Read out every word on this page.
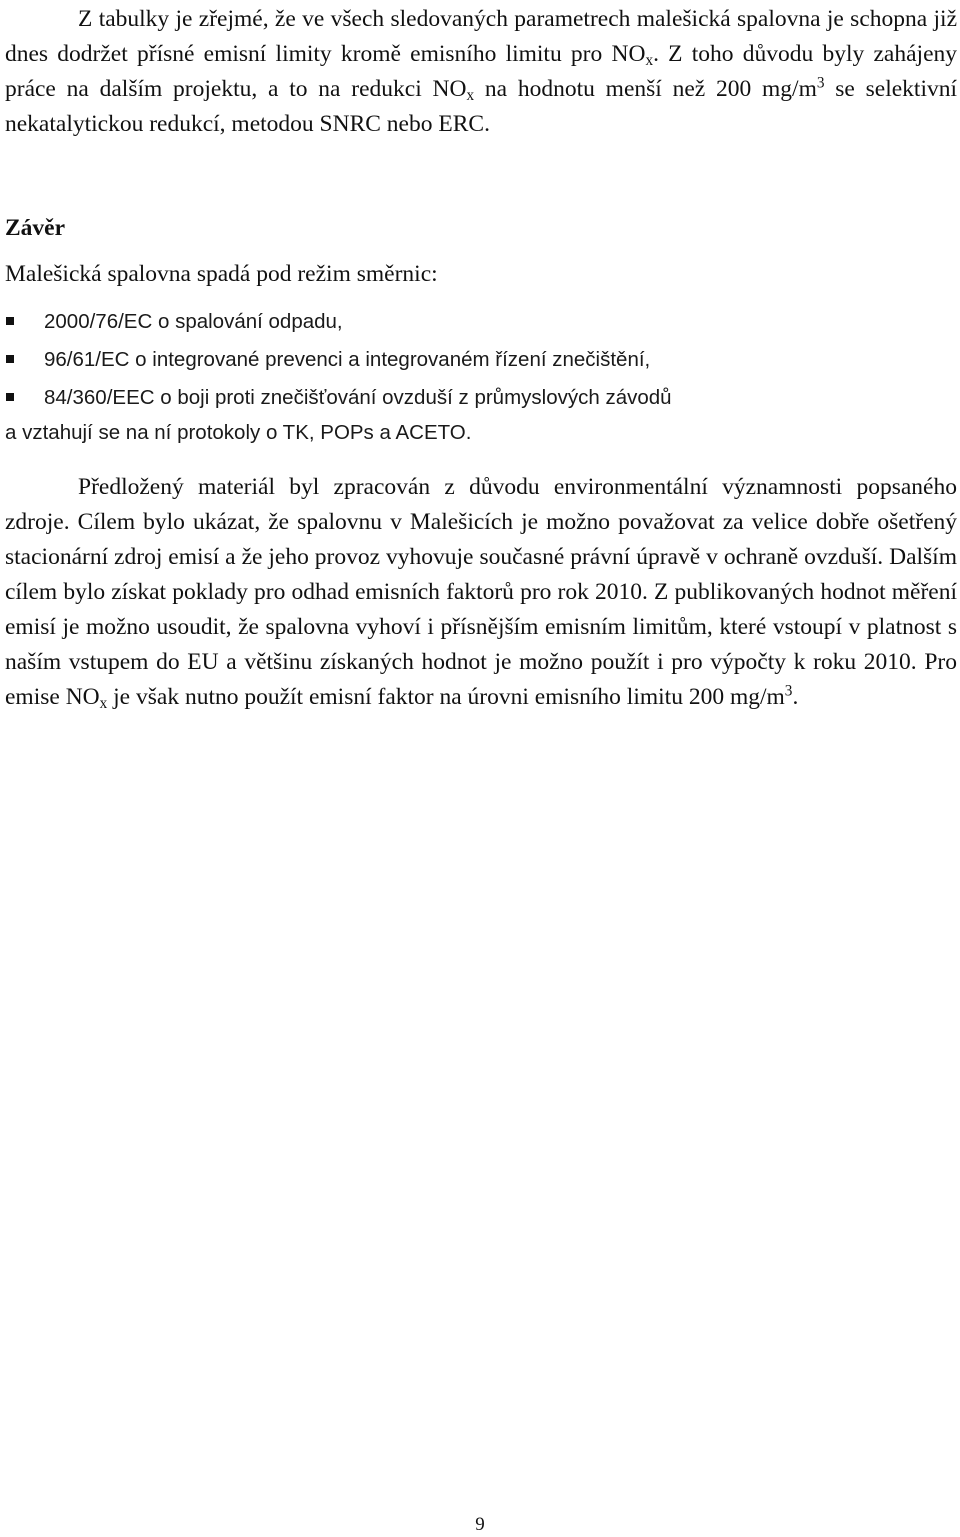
Z tabulky je zřejmé, že ve všech sledovaných parametrech malešická spalovna je schopna již dnes dodržet přísné emisní limity kromě emisního limitu pro $NO_x$. Z toho důvodu byly zahájeny práce na dalším projektu, a to na redukci $NO_x$ na hodnotu menší než 200 $mg/m^3$ se selektivní nekatalytickou redukcí, metodou SNRC nebo ERC.

Závěr

Malešická spalovna spadá pod režim směrnic:

2000/76/EC o spalování odpadu,
96/61/EC o integrované prevenci a integrovaném řízení znečištění,
84/360/EEC o boji proti znečišťování ovzduší z průmyslových závodů

a vztahují se na ní protokoly o TK, POPs a ACETO.

Předložený materiál byl zpracován z důvodu environmentální významnosti popsaného zdroje. Cílem bylo ukázat, že spalovnu v Malešicích je možno považovat za velice dobře ošetřený stacionární zdroj emisí a že jeho provoz vyhovuje současné právní úpravě v ochraně ovzduší. Dalším cílem bylo získat poklady pro odhad emisních faktorů pro rok 2010. Z publikovaných hodnot měření emisí je možno usoudit, že spalovna vyhoví i přísnějším emisním limitům, které vstoupí v platnost s naším vstupem do EU a většinu získaných hodnot je možno použít i pro výpočty k roku 2010. Pro emise $NO_x$ je však nutno použít emisní faktor na úrovni emisního limitu 200 $mg/m^3$.

9
